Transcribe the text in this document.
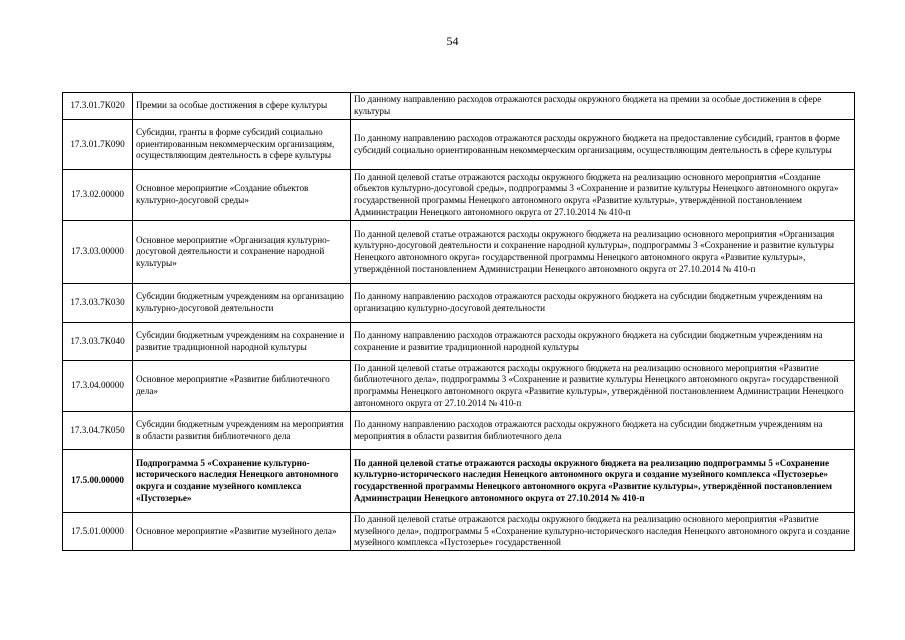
54
17.3.01.7К020	Премии за особые достижения в сфере культуры	По данному направлению расходов отражаются расходы окружного бюджета на премии за особые достижения в сфере культуры
17.3.01.7К090	Субсидии, гранты в форме субсидий социально ориентированным некоммерческим организациям, осуществляющим деятельность в сфере культуры	По данному направлению расходов отражаются расходы окружного бюджета на предоставление субсидий, грантов в форме субсидий социально ориентированным некоммерческим организациям, осуществляющим деятельность в сфере культуры
17.3.02.00000	Основное мероприятие «Создание объектов культурно-досуговой среды»	По данной целевой статье отражаются расходы окружного бюджета на реализацию основного мероприятия «Создание объектов культурно-досуговой среды», подпрограммы 3 «Сохранение и развитие культуры Ненецкого автономного округа» государственной программы Ненецкого автономного округа «Развитие культуры», утверждённой постановлением Администрации Ненецкого автономного округа от 27.10.2014 № 410-п
17.3.03.00000	Основное мероприятие «Организация культурно-досуговой деятельности и сохранение народной культуры»	По данной целевой статье отражаются расходы окружного бюджета на реализацию основного мероприятия «Организация культурно-досуговой деятельности и сохранение народной культуры», подпрограммы 3 «Сохранение и развитие культуры Ненецкого автономного округа» государственной программы Ненецкого автономного округа «Развитие культуры», утверждённой постановлением Администрации Ненецкого автономного округа от 27.10.2014 № 410-п
17.3.03.7К030	Субсидии бюджетным учреждениям на организацию культурно-досуговой деятельности	По данному направлению расходов отражаются расходы окружного бюджета на субсидии бюджетным учреждениям на организацию культурно-досуговой деятельности
17.3.03.7К040	Субсидии бюджетным учреждениям на сохранение и развитие традиционной народной культуры	По данному направлению расходов отражаются расходы окружного бюджета на субсидии бюджетным учреждениям на сохранение и развитие традиционной народной культуры
17.3.04.00000	Основное мероприятие «Развитие библиотечного дела»	По данной целевой статье отражаются расходы окружного бюджета на реализацию основного мероприятия «Развитие библиотечного дела», подпрограммы 3 «Сохранение и развитие культуры Ненецкого автономного округа» государственной программы Ненецкого автономного округа «Развитие культуры», утверждённой постановлением Администрации Ненецкого автономного округа от 27.10.2014 № 410-п
17.3.04.7К050	Субсидии бюджетным учреждениям на мероприятия в области развития библиотечного дела	По данному направлению расходов отражаются расходы окружного бюджета на субсидии бюджетным учреждениям на мероприятия в области развития библиотечного дела
17.5.00.00000	Подпрограмма 5 «Сохранение культурно-исторического наследия Ненецкого автономного округа и создание музейного комплекса «Пустозерье»	По данной целевой статье отражаются расходы окружного бюджета на реализацию подпрограммы 5 «Сохранение культурно-исторического наследия Ненецкого автономного округа и создание музейного комплекса «Пустозерье» государственной программы Ненецкого автономного округа «Развитие культуры», утверждённой постановлением Администрации Ненецкого автономного округа от 27.10.2014 № 410-п
17.5.01.00000	Основное мероприятие «Развитие музейного дела»	По данной целевой статье отражаются расходы окружного бюджета на реализацию основного мероприятия «Развитие музейного дела», подпрограммы 5 «Сохранение культурно-исторического наследия Ненецкого автономного округа и создание музейного комплекса «Пустозерье» государственной
